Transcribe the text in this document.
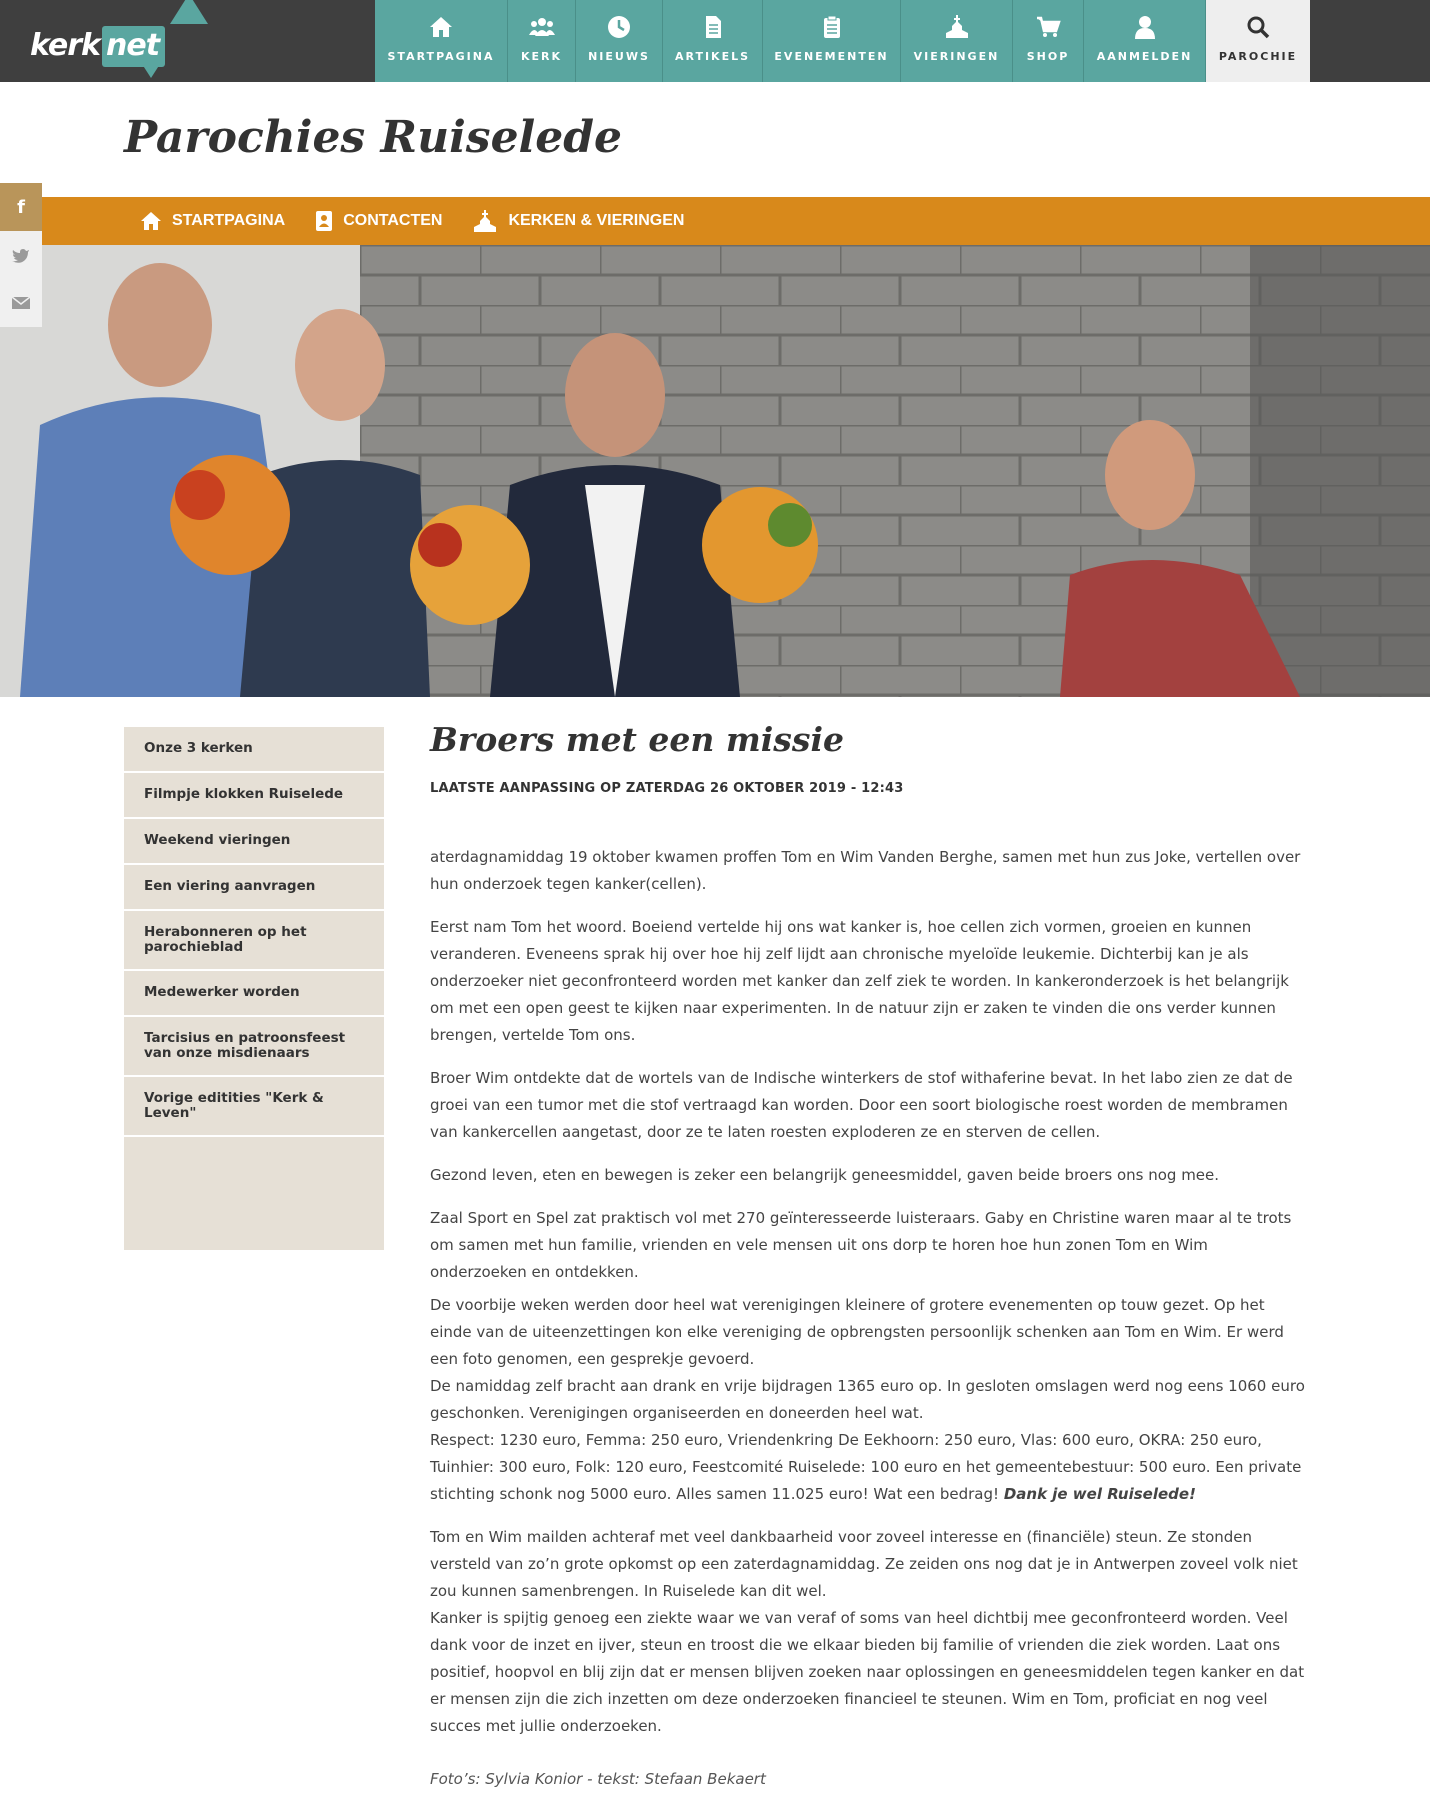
kerk net	STARTPAGINA KERK NIEUWS ARTIKELS EVENEMENTEN VIERINGEN SHOP AANMELDEN PAROCHIE
Parochies Ruiselede
STARTPAGINA	CONTACTEN	KERKEN & VIERINGEN
f
Onze 3 kerken
Filmpje klokken Ruiselede
Weekend vieringen
Een viering aanvragen
Herabonneren op het parochieblad
Medewerker worden
Tarcisius en patroonsfeest van onze misdienaars
Vorige editities "Kerk & Leven"
Broers met een missie
LAATSTE AANPASSING OP ZATERDAG 26 OKTOBER 2019 - 12:43

aterdagnamiddag 19 oktober kwamen proffen Tom en Wim Vanden Berghe, samen met hun zus Joke, vertellen over hun onderzoek tegen kanker(cellen).

Eerst nam Tom het woord. Boeiend vertelde hij ons wat kanker is, hoe cellen zich vormen, groeien en kunnen veranderen. Eveneens sprak hij over hoe hij zelf lijdt aan chronische myeloïde leukemie. Dichterbij kan je als onderzoeker niet geconfronteerd worden met kanker dan zelf ziek te worden. In kankeronderzoek is het belangrijk om met een open geest te kijken naar experimenten. In de natuur zijn er zaken te vinden die ons verder kunnen brengen, vertelde Tom ons.

Broer Wim ontdekte dat de wortels van de Indische winterkers de stof withaferine bevat. In het labo zien ze dat de groei van een tumor met die stof vertraagd kan worden. Door een soort biologische roest worden de membramen van kankercellen aangetast, door ze te laten roesten exploderen ze en sterven de cellen.

Gezond leven, eten en bewegen is zeker een belangrijk geneesmiddel, gaven beide broers ons nog mee.

Zaal Sport en Spel zat praktisch vol met 270 geïnteresseerde luisteraars. Gaby en Christine waren maar al te trots om samen met hun familie, vrienden en vele mensen uit ons dorp te horen hoe hun zonen Tom en Wim onderzoeken en ontdekken.

De voorbije weken werden door heel wat verenigingen kleinere of grotere evenementen op touw gezet. Op het einde van de uiteenzettingen kon elke vereniging de opbrengsten persoonlijk schenken aan Tom en Wim. Er werd een foto genomen, een gesprekje gevoerd.
De namiddag zelf bracht aan drank en vrije bijdragen 1365 euro op. In gesloten omslagen werd nog eens 1060 euro geschonken. Verenigingen organiseerden en doneerden heel wat.
Respect: 1230 euro, Femma: 250 euro, Vriendenkring De Eekhoorn: 250 euro, Vlas: 600 euro, OKRA: 250 euro, Tuinhier: 300 euro, Folk: 120 euro, Feestcomité Ruiselede: 100 euro en het gemeentebestuur: 500 euro. Een private stichting schonk nog 5000 euro. Alles samen 11.025 euro! Wat een bedrag! Dank je wel Ruiselede!

Tom en Wim mailden achteraf met veel dankbaarheid voor zoveel interesse en (financiële) steun. Ze stonden versteld van zo’n grote opkomst op een zaterdagnamiddag. Ze zeiden ons nog dat je in Antwerpen zoveel volk niet zou kunnen samenbrengen. In Ruiselede kan dit wel.
Kanker is spijtig genoeg een ziekte waar we van veraf of soms van heel dichtbij mee geconfronteerd worden. Veel dank voor de inzet en ijver, steun en troost die we elkaar bieden bij familie of vrienden die ziek worden. Laat ons positief, hoopvol en blij zijn dat er mensen blijven zoeken naar oplossingen en geneesmiddelen tegen kanker en dat er mensen zijn die zich inzetten om deze onderzoeken financieel te steunen. Wim en Tom, proficiat en nog veel succes met jullie onderzoeken.

Foto’s: Sylvia Konior - tekst: Stefaan Bekaert
